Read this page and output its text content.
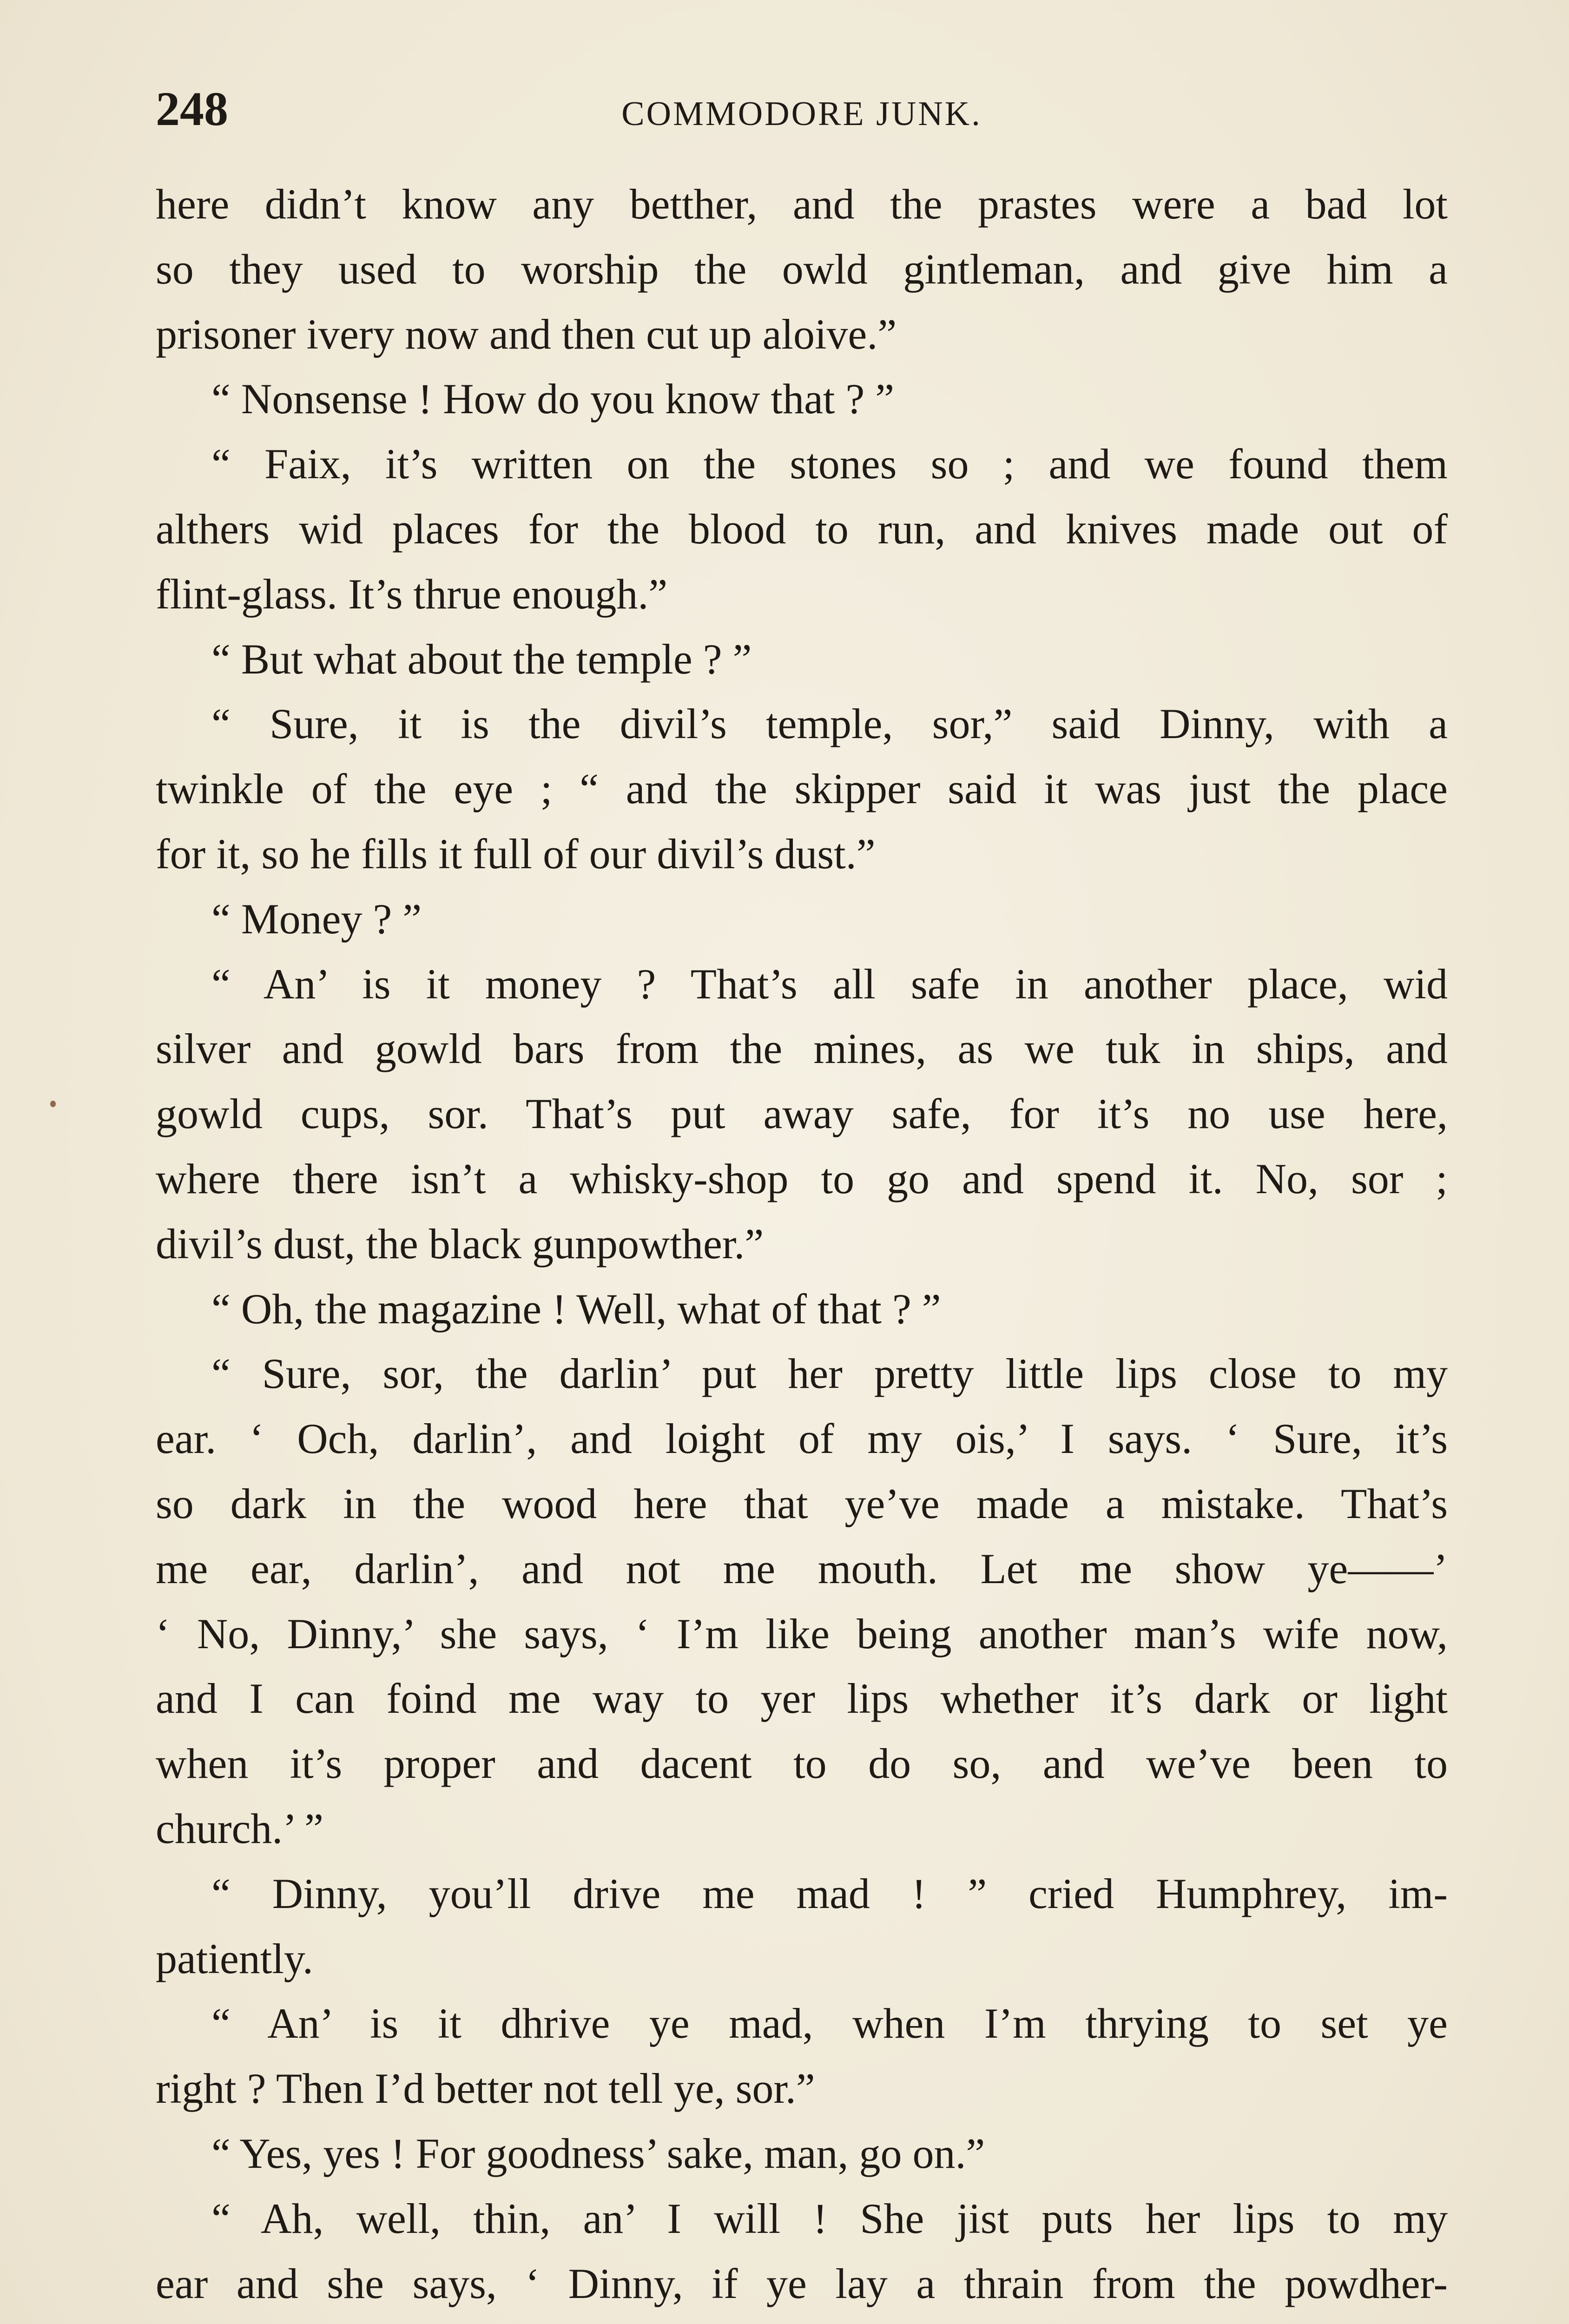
248	COMMODORE JUNK.
here didn’t know any betther, and the prastes were a bad lot
so they used to worship the owld gintleman, and give him a
prisoner ivery now and then cut up aloive.”
“ Nonsense ! How do you know that ? ”
“ Faix, it’s written on the stones so ; and we found them
althers wid places for the blood to run, and knives made out of
flint-glass. It’s thrue enough.”
“ But what about the temple ? ”
“ Sure, it is the divil’s temple, sor,” said Dinny, with a
twinkle of the eye ; “ and the skipper said it was just the place
for it, so he fills it full of our divil’s dust.”
“ Money ? ”
“ An’ is it money ? That’s all safe in another place, wid
silver and gowld bars from the mines, as we tuk in ships, and
gowld cups, sor. That’s put away safe, for it’s no use here,
where there isn’t a whisky-shop to go and spend it. No, sor ;
divil’s dust, the black gunpowther.”
“ Oh, the magazine ! Well, what of that ? ”
“ Sure, sor, the darlin’ put her pretty little lips close to my
ear. ‘ Och, darlin’, and loight of my ois,’ I says. ‘ Sure, it’s
so dark in the wood here that ye’ve made a mistake. That’s
me ear, darlin’, and not me mouth. Let me show ye——’
‘ No, Dinny,’ she says, ‘ I’m like being another man’s wife now,
and I can foind me way to yer lips whether it’s dark or light
when it’s proper and dacent to do so, and we’ve been to
church.’ ”
“ Dinny, you’ll drive me mad ! ” cried Humphrey, im-
patiently.
“ An’ is it dhrive ye mad, when I’m thrying to set ye
right ? Then I’d better not tell ye, sor.”
“ Yes, yes ! For goodness’ sake, man, go on.”
“ Ah, well, thin, an’ I will ! She jist puts her lips to my
ear and she says, ‘ Dinny, if ye lay a thrain from the powdher-
